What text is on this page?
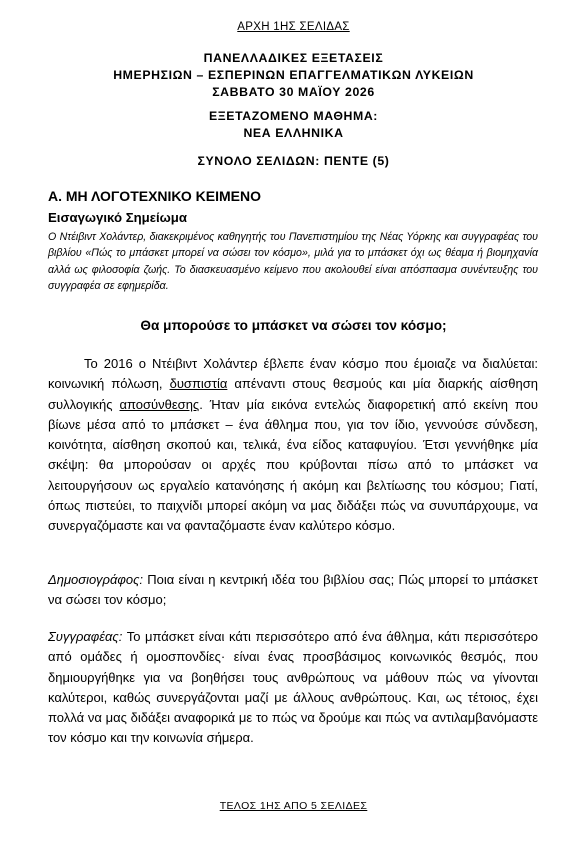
ΑΡΧΗ 1ΗΣ ΣΕΛΙΔΑΣ
ΠΑΝΕΛΛΑΔΙΚΕΣ ΕΞΕΤΑΣΕΙΣ
ΗΜΕΡΗΣΙΩΝ – ΕΣΠΕΡΙΝΩΝ ΕΠΑΓΓΕΛΜΑΤΙΚΩΝ ΛΥΚΕΙΩΝ
ΣΑΒΒΑΤΟ 30 ΜΑΪΟΥ 2026
ΕΞΕΤΑΖΟΜΕΝΟ ΜΑΘΗΜΑ:
ΝΕΑ ΕΛΛΗΝΙΚΑ
ΣΥΝΟΛΟ ΣΕΛΙΔΩΝ: ΠΕΝΤΕ (5)
Α. ΜΗ ΛΟΓΟΤΕΧΝΙΚΟ ΚΕΙΜΕΝΟ
Εισαγωγικό Σημείωμα
Ο Ντέιβιντ Χολάντερ, διακεκριμένος καθηγητής του Πανεπιστημίου της Νέας Υόρκης και συγγραφέας του βιβλίου «Πώς το μπάσκετ μπορεί να σώσει τον κόσμο», μιλά για το μπάσκετ όχι ως θέαμα ή βιομηχανία αλλά ως φιλοσοφία ζωής. Το διασκευασμένο κείμενο που ακολουθεί είναι απόσπασμα συνέντευξης του συγγραφέα σε εφημερίδα.
Θα μπορούσε το μπάσκετ να σώσει τον κόσμο;
Το 2016 ο Ντέιβιντ Χολάντερ έβλεπε έναν κόσμο που έμοιαζε να διαλύεται: κοινωνική πόλωση, δυσπιστία απέναντι στους θεσμούς και μία διαρκής αίσθηση συλλογικής αποσύνθεσης. Ήταν μία εικόνα εντελώς διαφορετική από εκείνη που βίωνε μέσα από το μπάσκετ – ένα άθλημα που, για τον ίδιο, γεννούσε σύνδεση, κοινότητα, αίσθηση σκοπού και, τελικά, ένα είδος καταφυγίου. Έτσι γεννήθηκε μία σκέψη: θα μπορούσαν οι αρχές που κρύβονται πίσω από το μπάσκετ να λειτουργήσουν ως εργαλείο κατανόησης ή ακόμη και βελτίωσης του κόσμου; Γιατί, όπως πιστεύει, το παιχνίδι μπορεί ακόμη να μας διδάξει πώς να συνυπάρχουμε, να συνεργαζόμαστε και να φανταζόμαστε έναν καλύτερο κόσμο.
Δημοσιογράφος: Ποια είναι η κεντρική ιδέα του βιβλίου σας; Πώς μπορεί το μπάσκετ να σώσει τον κόσμο;
Συγγραφέας: Το μπάσκετ είναι κάτι περισσότερο από ένα άθλημα, κάτι περισσότερο από ομάδες ή ομοσπονδίες· είναι ένας προσβάσιμος κοινωνικός θεσμός, που δημιουργήθηκε για να βοηθήσει τους ανθρώπους να μάθουν πώς να γίνονται καλύτεροι, καθώς συνεργάζονται μαζί με άλλους ανθρώπους. Και, ως τέτοιος, έχει πολλά να μας διδάξει αναφορικά με το πώς να δρούμε και πώς να αντιλαμβανόμαστε τον κόσμο και την κοινωνία σήμερα.
ΤΕΛΟΣ 1ΗΣ ΑΠΟ 5 ΣΕΛΙΔΕΣ
